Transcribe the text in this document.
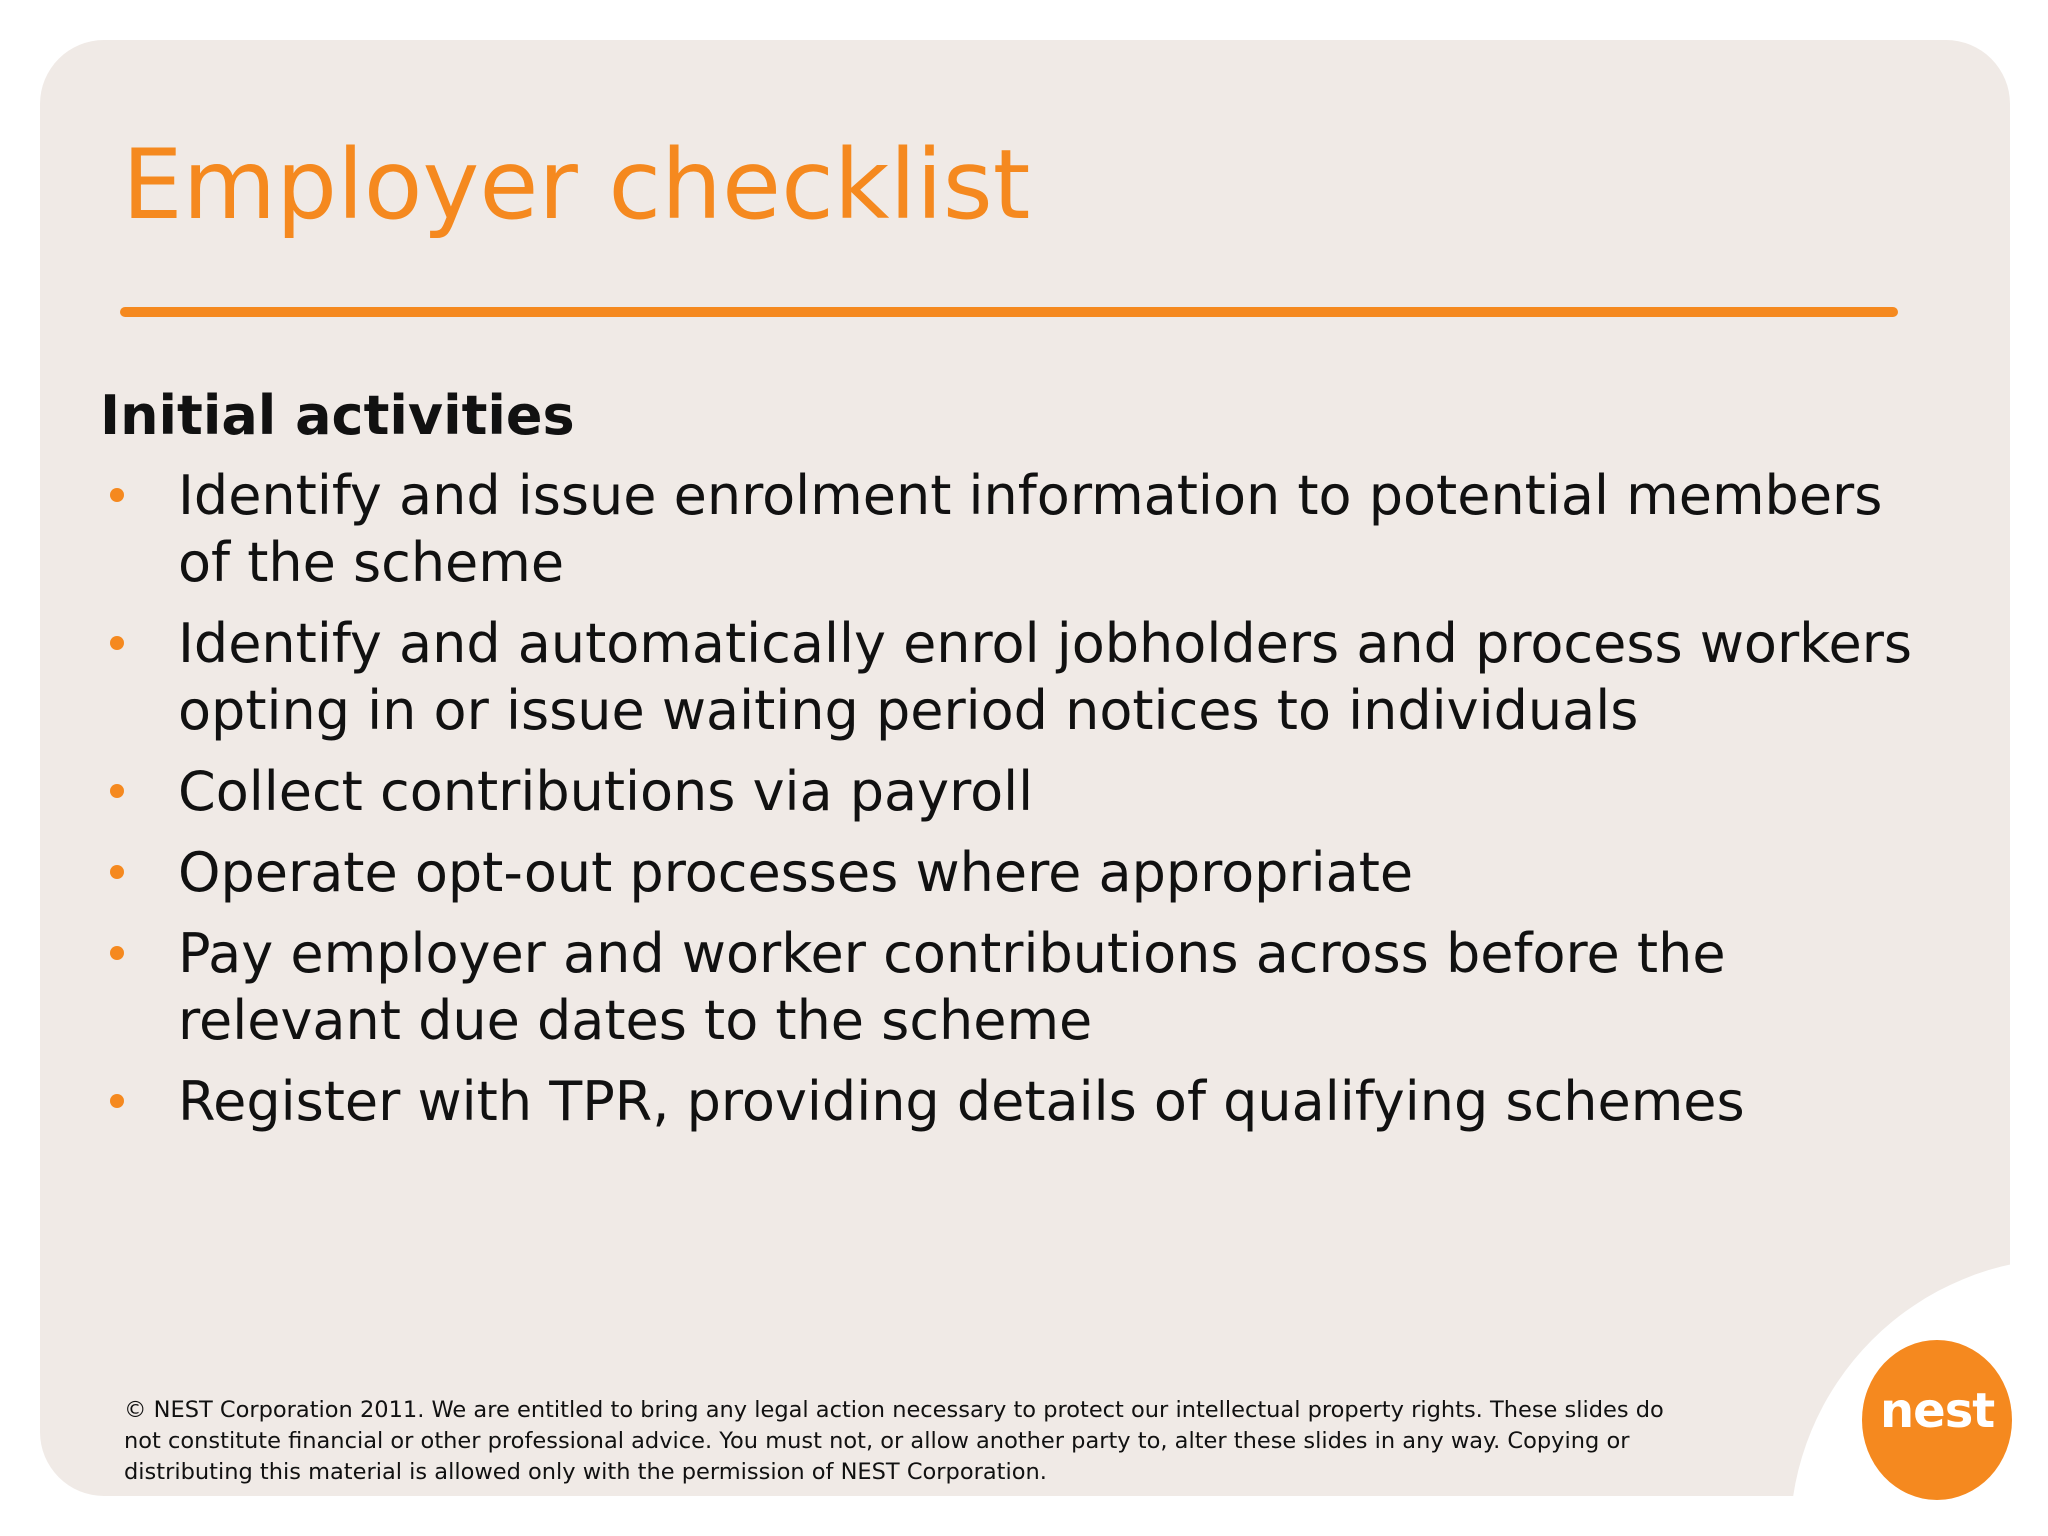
Employer checklist
Initial activities
Identify and issue enrolment information to potential members of the scheme
Identify and automatically enrol jobholders and process workers opting in or issue waiting period notices to individuals
Collect contributions via payroll
Operate opt-out processes where appropriate
Pay employer and worker contributions across before the relevant due dates to the scheme
Register with TPR, providing details of qualifying schemes

© NEST Corporation 2011. We are entitled to bring any legal action necessary to protect our intellectual property rights. These slides do not constitute financial or other professional advice. You must not, or allow another party to, alter these slides in any way. Copying or distributing this material is allowed only with the permission of NEST Corporation.

nest
